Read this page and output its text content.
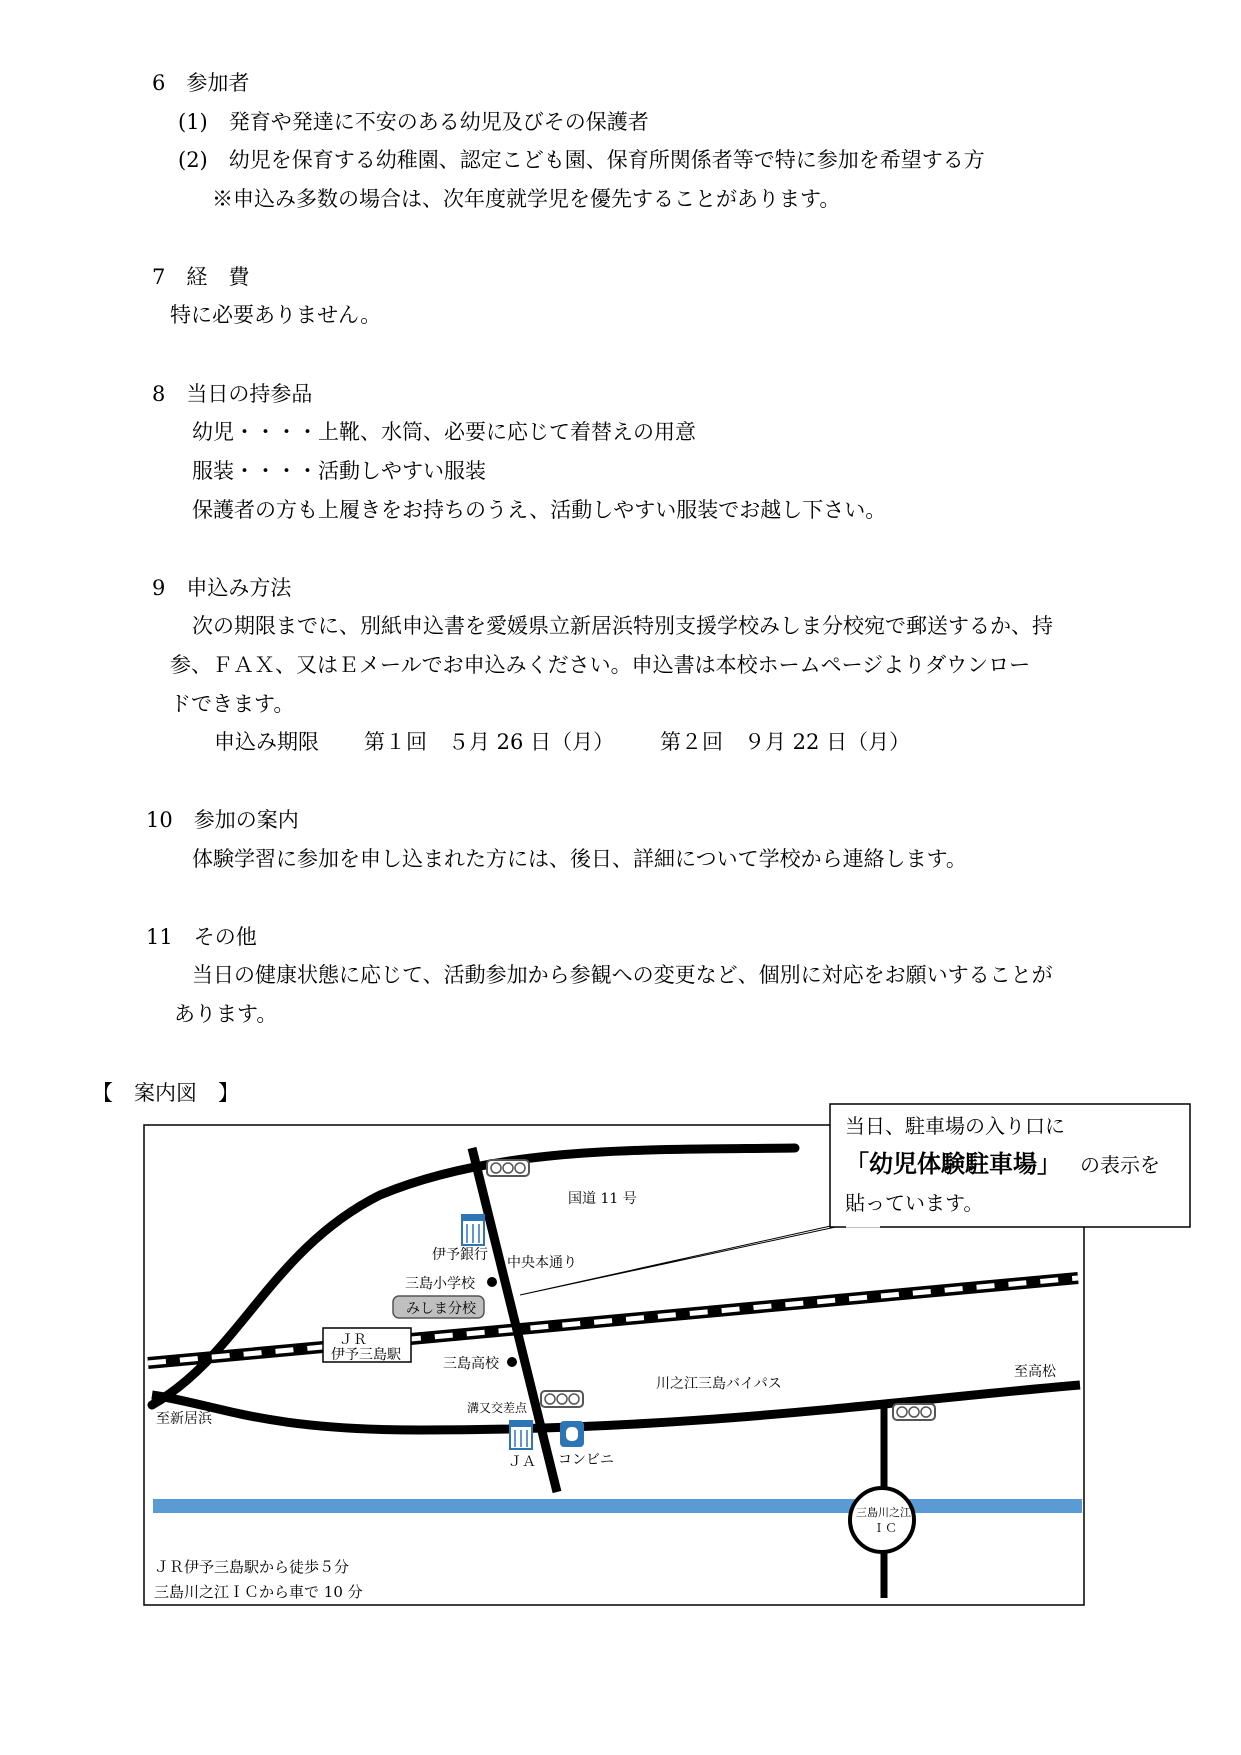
6　参加者
(1)　発育や発達に不安のある幼児及びその保護者
(2)　幼児を保育する幼稚園、認定こども園、保育所関係者等で特に参加を希望する方
※申込み多数の場合は、次年度就学児を優先することがあります。
7　経　費
特に必要ありません。
8　当日の持参品
幼児・・・・上靴、水筒、必要に応じて着替えの用意
服装・・・・活動しやすい服装
保護者の方も上履きをお持ちのうえ、活動しやすい服装でお越し下さい。
9　申込み方法
次の期限までに、別紙申込書を愛媛県立新居浜特別支援学校みしま分校宛で郵送するか、持
参、ＦＡＸ、又はＥメールでお申込みください。申込書は本校ホームページよりダウンロー
ドできます。
申込み期限 第１回　５月 26 日（月） 第２回　９月 22 日（月）
10　参加の案内
体験学習に参加を申し込まれた方には、後日、詳細について学校から連絡します。
11　その他
当日の健康状態に応じて、活動参加から参観への変更など、個別に対応をお願いすることが
あります。
【　案内図　】
国道 11 号
中央本通り
伊予銀行
三島小学校
みしま分校
ＪＲ
伊予三島駅
三島高校
溝又交差点
川之江三島バイパス
至高松
至新居浜
ＪＡ コンビニ
三島川之江
ＩＣ
ＪＲ伊予三島駅から徒歩５分
三島川之江ＩＣから車で 10 分
当日、駐車場の入り口に
「幼児体験駐車場」 の表示を
貼っています。
